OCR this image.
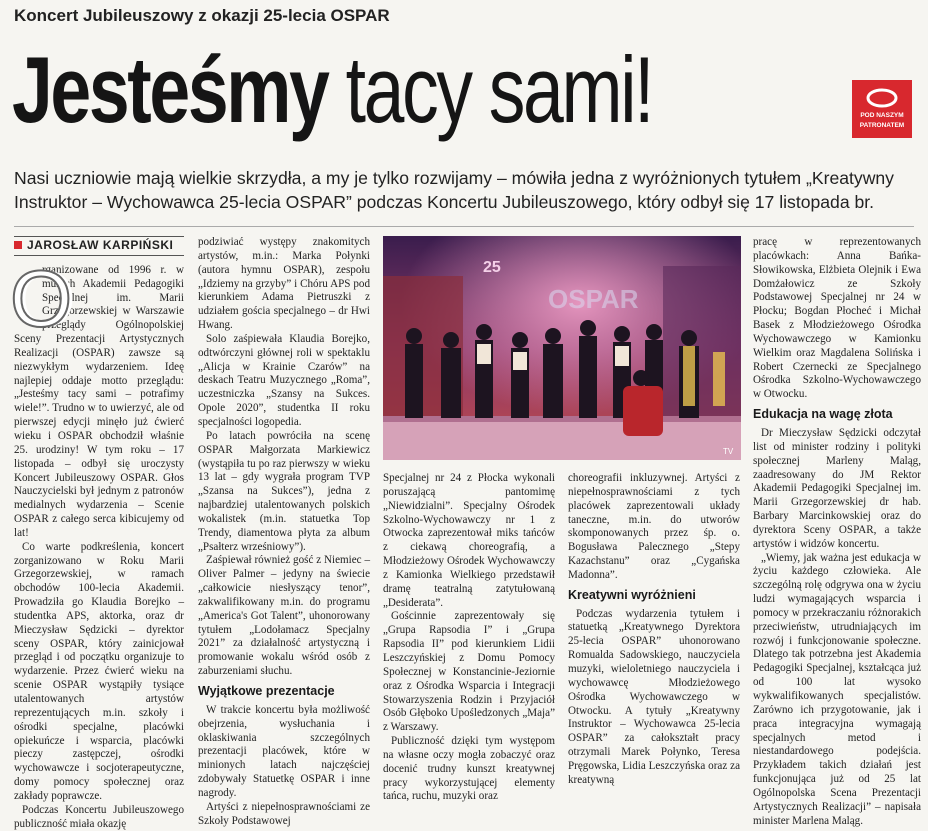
Koncert Jubileuszowy z okazji 25-lecia OSPAR
Jesteśmy tacy sami!	POD NASZYM
PATRONATEM
Nasi uczniowie mają wielkie skrzydła, a my je tylko rozwijamy – mówiła jedna z wyróżnionych tytułem „Kreatywny Instruktor – Wychowawca 25-lecia OSPAR” podczas Koncertu Jubileuszowego, który odbył się 17 listopada br.
JAROSŁAW KARPIŃSKI

O O
rganizowane od 1996 r. w murach Akademii Pedagogiki Specjalnej im. Marii Grzegorzewskiej w Warszawie przeglądy Ogólnopolskiej Sceny Prezentacji Artystycznych Realizacji (OSPAR) zawsze są niezwykłym wydarzeniem. Ideę najlepiej oddaje motto przeglądu: „Jesteśmy tacy sami – potrafimy wiele!”. Trudno w to uwierzyć, ale od pierwszej edycji minęło już ćwierć wieku i OSPAR obchodził właśnie 25. urodziny! W tym roku – 17 listopada – odbył się uroczysty Koncert Jubileuszowy OSPAR. Głos Nauczycielski był jednym z patronów medialnych wydarzenia – Scenie OSPAR z całego serca kibicujemy od lat!

Co warte podkreślenia, koncert zorganizowano w Roku Marii Grzegorzewskiej, w ramach obchodów 100-lecia Akademii. Prowadziła go Klaudia Borejko – studentka APS, aktorka, oraz dr Mieczysław Sędzicki – dyrektor sceny OSPAR, który zainicjował przegląd i od początku organizuje to wydarzenie. Przez ćwierć wieku na scenie OSPAR wystąpiły tysiące utalentowanych artystów reprezentujących m.in. szkoły i ośrodki specjalne, placówki opiekuńcze i wsparcia, placówki pieczy zastępczej, ośrodki wychowawcze i socjoterapeutyczne, domy pomocy społecznej oraz zakłady poprawcze.

Podczas Koncertu Jubileuszowego publiczność miała okazję

podziwiać występy znakomitych artystów, m.in.: Marka Połynki (autora hymnu OSPAR), zespołu „Idziemy na grzyby” i Chóru APS pod kierunkiem Adama Pietruszki z udziałem gościa specjalnego – dr Hwi Hwang.

Solo zaśpiewała Klaudia Borejko, odtwórczyni głównej roli w spektaklu „Alicja w Krainie Czarów” na deskach Teatru Muzycznego „Roma”, uczestniczka „Szansy na Sukces. Opole 2020”, studentka II roku specjalności logopedia.

Po latach powróciła na scenę OSPAR Małgorzata Markiewicz (wystąpiła tu po raz pierwszy w wieku 13 lat – gdy wygrała program TVP „Szansa na Sukces”), jedna z najbardziej utalentowanych polskich wokalistek (m.in. statuetka Top Trendy, diamentowa płyta za album „Psałterz wrześniowy”).

Zaśpiewał również gość z Niemiec – Oliver Palmer – jedyny na świecie „całkowicie niesłyszący tenor”, zakwalifikowany m.in. do programu „America's Got Talent”, uhonorowany tytułem „Lodołamacz Specjalny 2021” za działalność artystyczną i promowanie wokalu wśród osób z zaburzeniami słuchu.

Wyjątkowe prezentacje

W trakcie koncertu była możliwość obejrzenia, wysłuchania i oklaskiwania szczególnych prezentacji placówek, które w minionych latach najczęściej zdobywały Statuetkę OSPAR i inne nagrody.

Artyści z niepełnosprawnościami ze Szkoły Podstawowej

OSPAR
25
TV

Specjalnej nr 24 z Płocka wykonali poruszającą pantomimę „Niewidzialni”. Specjalny Ośrodek Szkolno-Wychowawczy nr 1 z Otwocka zaprezentował miks tańców z ciekawą choreografią, a Młodzieżowy Ośrodek Wychowawczy z Kamionka Wielkiego przedstawił dramę teatralną zatytułowaną „Desiderata”.

Gościnnie zaprezentowały się „Grupa Rapsodia I” i „Grupa Rapsodia II” pod kierunkiem Lidii Leszczyńskiej z Domu Pomocy Społecznej w Konstancinie-Jeziornie oraz z Ośrodka Wsparcia i Integracji Stowarzyszenia Rodzin i Przyjaciół Osób Głęboko Upośledzonych „Maja” z Warszawy.

Publiczność dzięki tym występom na własne oczy mogła zobaczyć oraz docenić trudny kunszt kreatywnej pracy wykorzystującej elementy tańca, ruchu, muzyki oraz

choreografii inkluzywnej. Artyści z niepełnosprawnościami z tych placówek zaprezentowali układy taneczne, m.in. do utworów skomponowanych przez śp. o. Bogusława Palecznego „Stepy Kazachstanu” oraz „Cygańska Madonna”.

Kreatywni wyróżnieni

Podczas wydarzenia tytułem i statuetką „Kreatywnego Dyrektora 25-lecia OSPAR” uhonorowano Romualda Sadowskiego, nauczyciela muzyki, wieloletniego nauczyciela i wychowawcę Młodzieżowego Ośrodka Wychowawczego w Otwocku. A tytuły „Kreatywny Instruktor – Wychowawca 25-lecia OSPAR” za całokształt pracy otrzymali Marek Połynko, Teresa Pręgowska, Lidia Leszczyńska oraz za kreatywną

pracę w reprezentowanych placówkach: Anna Bańka-Słowikowska, Elżbieta Olejnik i Ewa Domżałowicz ze Szkoły Podstawowej Specjalnej nr 24 w Płocku; Bogdan Płocheć i Michał Basek z Młodzieżowego Ośrodka Wychowawczego w Kamionku Wielkim oraz Magdalena Solińska i Robert Czernecki ze Specjalnego Ośrodka Szkolno-Wychowawczego w Otwocku.

Edukacja na wagę złota

Dr Mieczysław Sędzicki odczytał list od minister rodziny i polityki społecznej Marleny Maląg, zaadresowany do JM Rektor Akademii Pedagogiki Specjalnej im. Marii Grzegorzewskiej dr hab. Barbary Marcinkowskiej oraz do dyrektora Sceny OSPAR, a także artystów i widzów koncertu.

„Wiemy, jak ważna jest edukacja w życiu każdego człowieka. Ale szczególną rolę odgrywa ona w życiu ludzi wymagających wsparcia i pomocy w przekraczaniu różnorakich przeciwieństw, utrudniających im rozwój i funkcjonowanie społeczne. Dlatego tak potrzebna jest Akademia Pedagogiki Specjalnej, kształcąca już od 100 lat wysoko wykwalifikowanych specjalistów. Zarówno ich przygotowanie, jak i praca integracyjna wymagają specjalnych metod i niestandardowego podejścia. Przykładem takich działań jest funkcjonująca już od 25 lat Ogólnopolska Scena Prezentacji Artystycznych Realizacji” – napisała minister Marlena Maląg.
